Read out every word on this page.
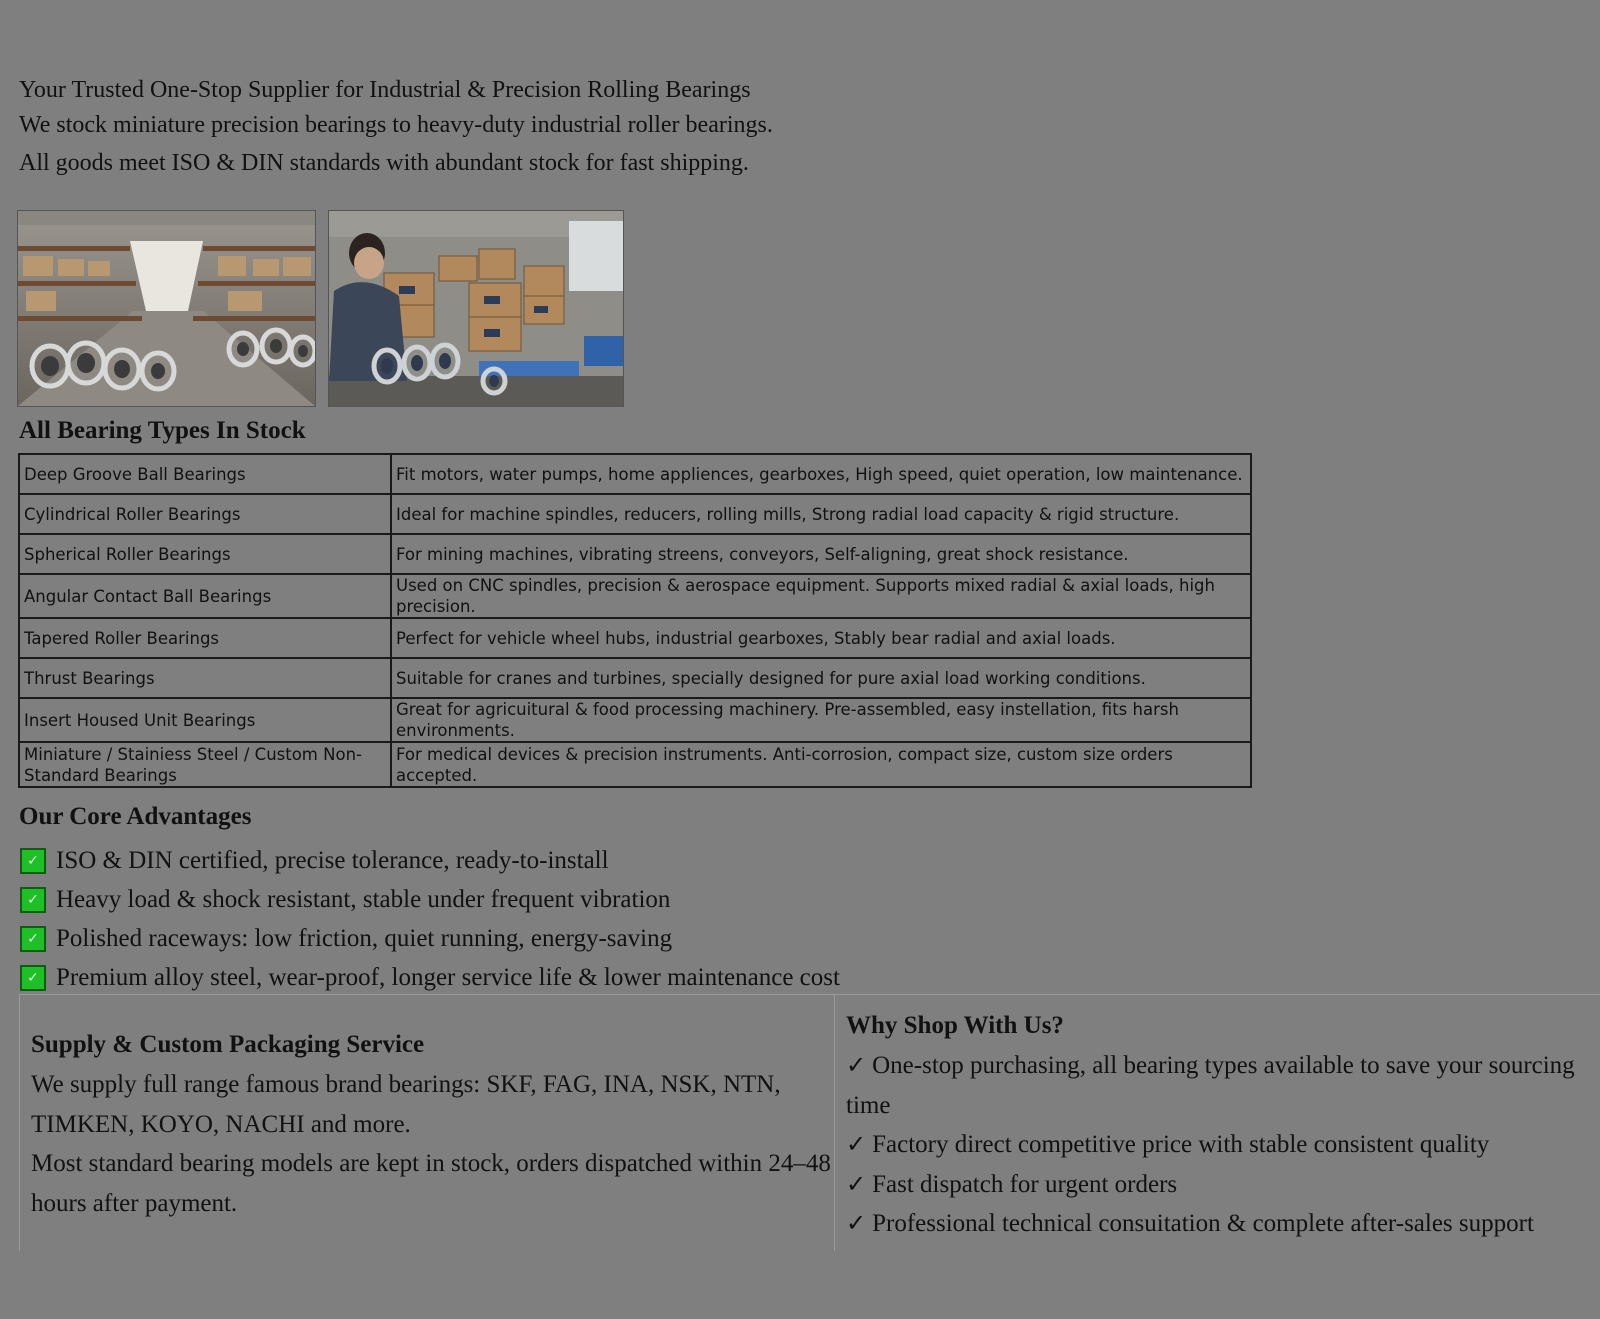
Your Trusted One-Stop Supplier for Industrial & Precision Rolling Bearings

We stock miniature precision bearings to heavy-duty industrial roller bearings.

All goods meet ISO & DIN standards with abundant stock for fast shipping.

All Bearing Types In Stock
Deep Groove Ball Bearings	Fit motors, water pumps, home appliences, gearboxes, High speed, quiet operation, low maintenance.
Cylindrical Roller Bearings	Ideal for machine spindles, reducers, rolling mills, Strong radial load capacity & rigid structure.
Spherical Roller Bearings	For mining machines, vibrating streens, conveyors, Self-aligning, great shock resistance.
Angular Contact Ball Bearings	Used on CNC spindles, precision & aerospace equipment. Supports mixed radial & axial loads, high precision.
Tapered Roller Bearings	Perfect for vehicle wheel hubs, industrial gearboxes, Stably bear radial and axial loads.
Thrust Bearings	Suitable for cranes and turbines, specially designed for pure axial load working conditions.
Insert Housed Unit Bearings	Great for agricuitural & food processing machinery. Pre-assembled, easy instellation, fits harsh environments.
Miniature / Stainiess Steel / Custom Non-Standard Bearings	For medical devices & precision instruments. Anti-corrosion, compact size, custom size orders accepted.
Our Core Advantages
✓ ISO & DIN certified, precise tolerance, ready-to-install
✓ Heavy load & shock resistant, stable under frequent vibration
✓ Polished raceways: low friction, quiet running, energy-saving
✓ Premium alloy steel, wear-proof, longer service life & lower maintenance cost
Supply & Custom Packaging Service

We supply full range famous brand bearings: SKF, FAG, INA, NSK, NTN, TIMKEN, KOYO, NACHI and more.

Most standard bearing models are kept in stock, orders dispatched within 24–48 hours after payment.

Why Shop With Us?
✓ One-stop purchasing, all bearing types available to save your sourcing time
✓ Factory direct competitive price with stable consistent quality
✓ Fast dispatch for urgent orders
✓ Professional technical consuitation & complete after-sales support
